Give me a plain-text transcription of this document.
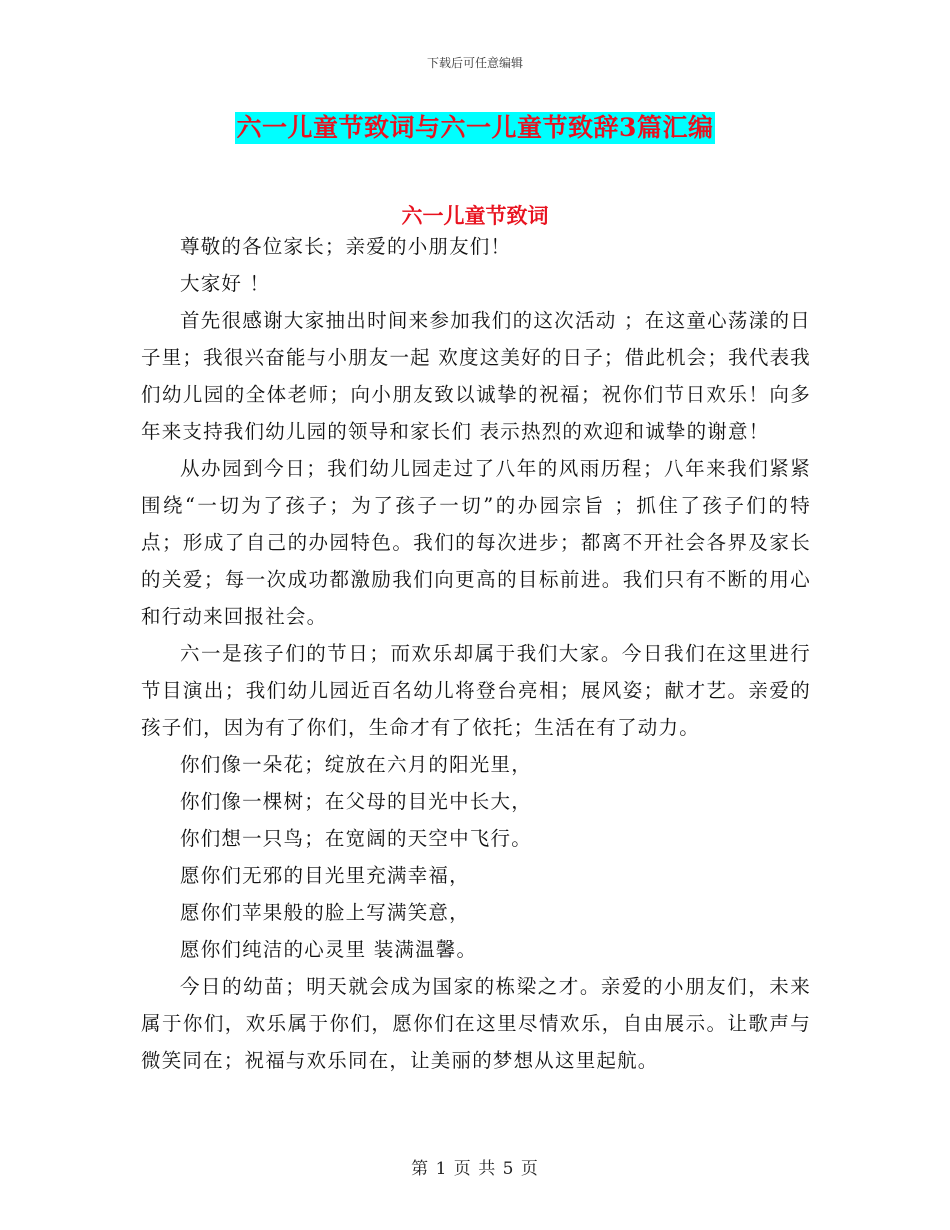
下载后可任意编辑
六一儿童节致词与六一儿童节致辞3篇汇编
六一儿童节致词

尊敬的各位家长；亲爱的小朋友们！

大家好 ！

首先很感谢大家抽出时间来参加我们的这次活动 ；在这童心荡漾的日子里；我很兴奋能与小朋友一起 欢度这美好的日子；借此机会；我代表我们幼儿园的全体老师；向小朋友致以诚挚的祝福；祝你们节日欢乐！向多年来支持我们幼儿园的领导和家长们 表示热烈的欢迎和诚挚的谢意！

从办园到今日；我们幼儿园走过了八年的风雨历程；八年来我们紧紧围绕“一切为了孩子；为了孩子一切”的办园宗旨 ；抓住了孩子们的特点；形成了自己的办园特色。我们的每次进步；都离不开社会各界及家长的关爱；每一次成功都激励我们向更高的目标前进。我们只有不断的用心和行动来回报社会。

六一是孩子们的节日；而欢乐却属于我们大家。今日我们在这里进行节目演出；我们幼儿园近百名幼儿将登台亮相；展风姿；献才艺。亲爱的孩子们，因为有了你们，生命才有了依托；生活在有了动力。

你们像一朵花；绽放在六月的阳光里，

你们像一棵树；在父母的目光中长大，

你们想一只鸟；在宽阔的天空中飞行。

愿你们无邪的目光里充满幸福，

愿你们苹果般的脸上写满笑意，

愿你们纯洁的心灵里 装满温馨。

今日的幼苗；明天就会成为国家的栋梁之才。亲爱的小朋友们，未来属于你们，欢乐属于你们，愿你们在这里尽情欢乐，自由展示。让歌声与微笑同在；祝福与欢乐同在，让美丽的梦想从这里起航。

第 1 页 共 5 页
